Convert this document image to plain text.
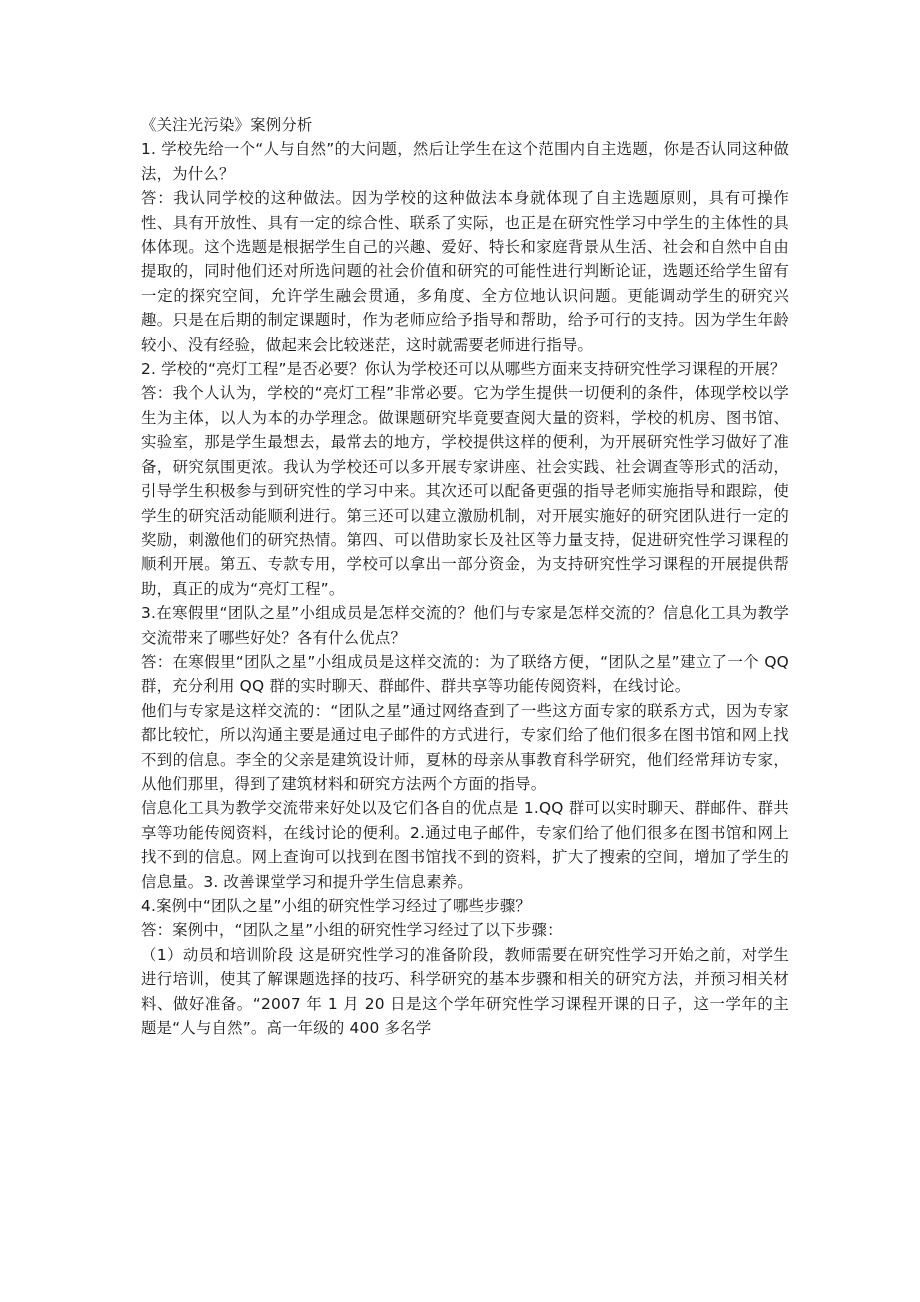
《关注光污染》案例分析

1. 学校先给一个“人与自然”的大问题，然后让学生在这个范围内自主选题，你是否认同这种做法，为什么？

答：我认同学校的这种做法。因为学校的这种做法本身就体现了自主选题原则，具有可操作性、具有开放性、具有一定的综合性、联系了实际，也正是在研究性学习中学生的主体性的具体体现。这个选题是根据学生自己的兴趣、爱好、特长和家庭背景从生活、社会和自然中自由提取的，同时他们还对所选问题的社会价值和研究的可能性进行判断论证，选题还给学生留有一定的探究空间，允许学生融会贯通，多角度、全方位地认识问题。更能调动学生的研究兴趣。只是在后期的制定课题时，作为老师应给予指导和帮助，给予可行的支持。因为学生年龄较小、没有经验，做起来会比较迷茫，这时就需要老师进行指导。

2. 学校的“亮灯工程”是否必要？你认为学校还可以从哪些方面来支持研究性学习课程的开展？

答：我个人认为，学校的“亮灯工程”非常必要。它为学生提供一切便利的条件，体现学校以学生为主体，以人为本的办学理念。做课题研究毕竟要查阅大量的资料，学校的机房、图书馆、实验室，那是学生最想去，最常去的地方，学校提供这样的便利，为开展研究性学习做好了准备，研究氛围更浓。我认为学校还可以多开展专家讲座、社会实践、社会调查等形式的活动，引导学生积极参与到研究性的学习中来。其次还可以配备更强的指导老师实施指导和跟踪，使学生的研究活动能顺利进行。第三还可以建立激励机制，对开展实施好的研究团队进行一定的奖励，刺激他们的研究热情。第四、可以借助家长及社区等力量支持，促进研究性学习课程的顺利开展。第五、专款专用，学校可以拿出一部分资金，为支持研究性学习课程的开展提供帮助，真正的成为“亮灯工程”。

3.在寒假里“团队之星”小组成员是怎样交流的？他们与专家是怎样交流的？信息化工具为教学交流带来了哪些好处？各有什么优点？

答：在寒假里“团队之星”小组成员是这样交流的：为了联络方便，“团队之星”建立了一个 QQ 群，充分利用 QQ 群的实时聊天、群邮件、群共享等功能传阅资料，在线讨论。

他们与专家是这样交流的：“团队之星”通过网络查到了一些这方面专家的联系方式，因为专家都比较忙，所以沟通主要是通过电子邮件的方式进行，专家们给了他们很多在图书馆和网上找不到的信息。李全的父亲是建筑设计师，夏林的母亲从事教育科学研究，他们经常拜访专家，从他们那里，得到了建筑材料和研究方法两个方面的指导。

信息化工具为教学交流带来好处以及它们各自的优点是 1.QQ 群可以实时聊天、群邮件、群共享等功能传阅资料，在线讨论的便利。2.通过电子邮件，专家们给了他们很多在图书馆和网上找不到的信息。网上查询可以找到在图书馆找不到的资料，扩大了搜索的空间，增加了学生的信息量。3. 改善课堂学习和提升学生信息素养。

4.案例中“团队之星”小组的研究性学习经过了哪些步骤？

答：案例中，“团队之星”小组的研究性学习经过了以下步骤：

（1）动员和培训阶段 这是研究性学习的准备阶段，教师需要在研究性学习开始之前，对学生进行培训，使其了解课题选择的技巧、科学研究的基本步骤和相关的研究方法，并预习相关材料、做好准备。“2007 年 1 月 20 日是这个学年研究性学习课程开课的日子，这一学年的主题是“人与自然”。高一年级的 400 多名学
